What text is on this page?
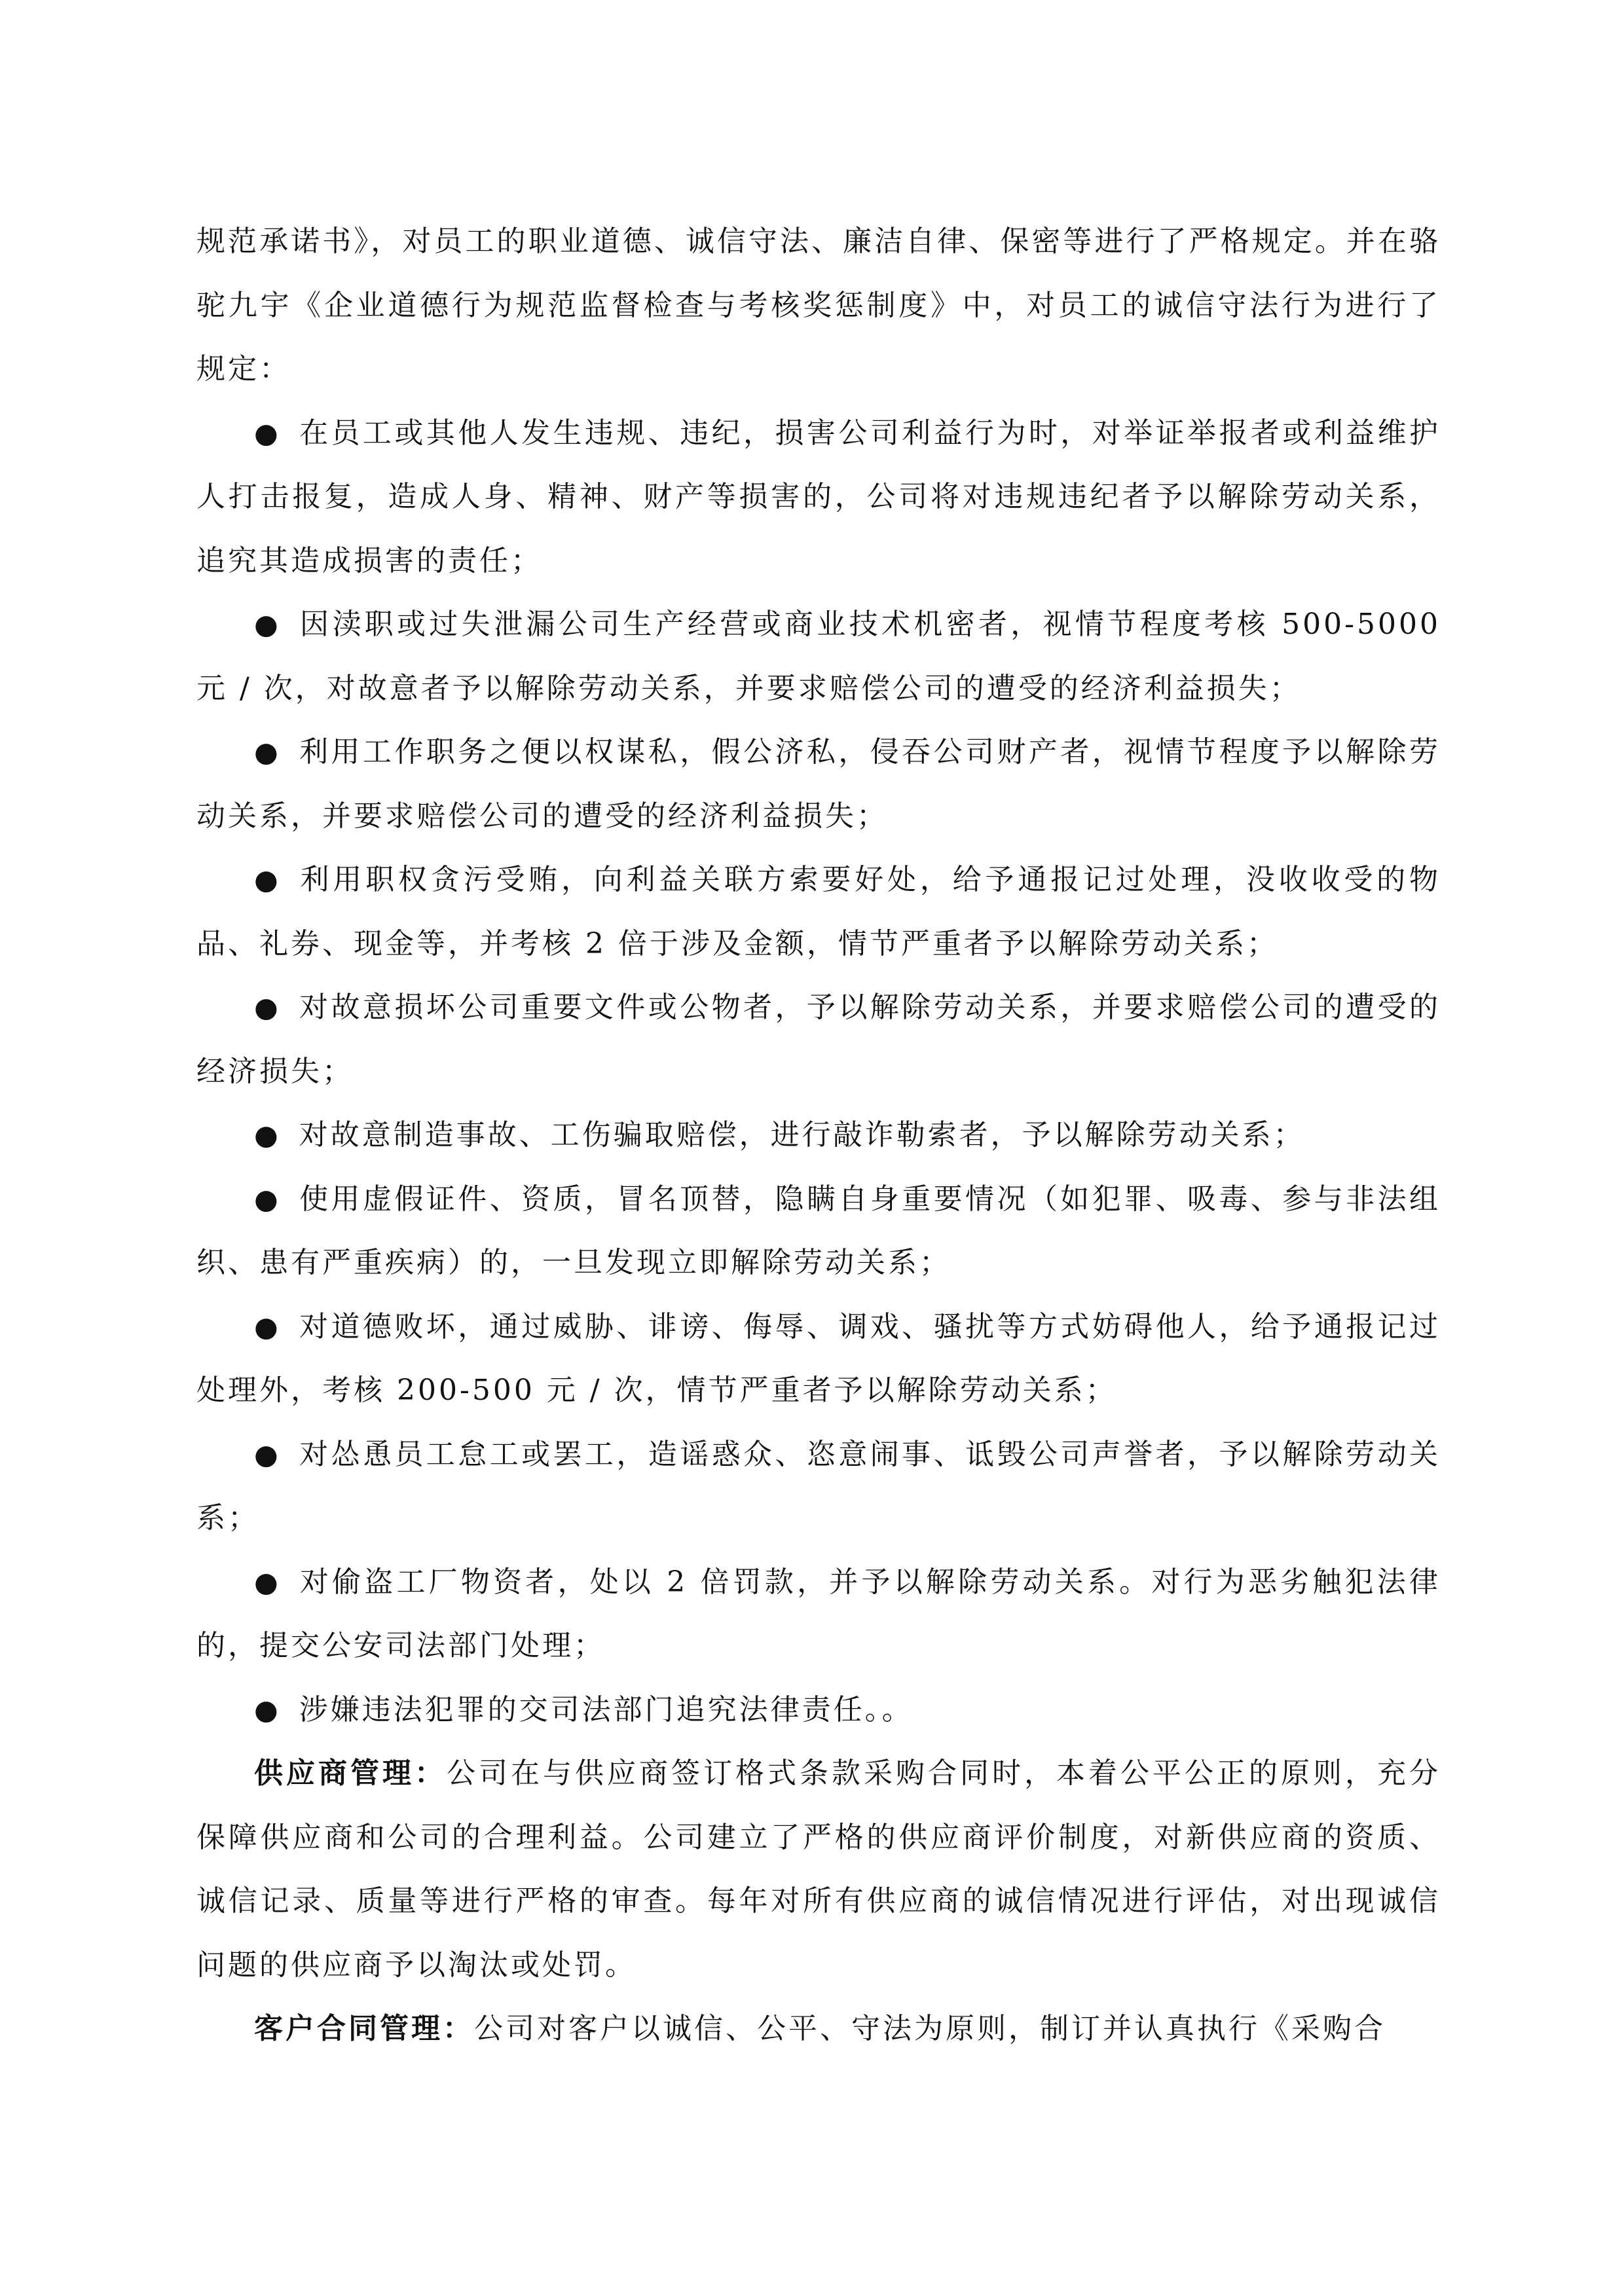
规范承诺书》，对员工的职业道德、诚信守法、廉洁自律、保密等进行了严格规定。并在骆驼九宇《企业道德行为规范监督检查与考核奖惩制度》中，对员工的诚信守法行为进行了规定：

● 在员工或其他人发生违规、违纪，损害公司利益行为时，对举证举报者或利益维护人打击报复，造成人身、精神、财产等损害的，公司将对违规违纪者予以解除劳动关系，追究其造成损害的责任；

● 因渎职或过失泄漏公司生产经营或商业技术机密者，视情节程度考核 500-5000 元 / 次，对故意者予以解除劳动关系，并要求赔偿公司的遭受的经济利益损失；

● 利用工作职务之便以权谋私，假公济私，侵吞公司财产者，视情节程度予以解除劳动关系，并要求赔偿公司的遭受的经济利益损失；

● 利用职权贪污受贿，向利益关联方索要好处，给予通报记过处理，没收收受的物品、礼券、现金等，并考核 2 倍于涉及金额，情节严重者予以解除劳动关系；

● 对故意损坏公司重要文件或公物者，予以解除劳动关系，并要求赔偿公司的遭受的经济损失；

● 对故意制造事故、工伤骗取赔偿，进行敲诈勒索者，予以解除劳动关系；

● 使用虚假证件、资质，冒名顶替，隐瞒自身重要情况（如犯罪、吸毒、参与非法组织、患有严重疾病）的，一旦发现立即解除劳动关系；

● 对道德败坏，通过威胁、诽谤、侮辱、调戏、骚扰等方式妨碍他人，给予通报记过处理外，考核 200-500 元 / 次，情节严重者予以解除劳动关系；

● 对怂恿员工怠工或罢工，造谣惑众、恣意闹事、诋毁公司声誉者，予以解除劳动关系；

● 对偷盗工厂物资者，处以 2 倍罚款，并予以解除劳动关系。对行为恶劣触犯法律的，提交公安司法部门处理；

● 涉嫌违法犯罪的交司法部门追究法律责任。。

供应商管理：公司在与供应商签订格式条款采购合同时，本着公平公正的原则，充分保障供应商和公司的合理利益。公司建立了严格的供应商评价制度，对新供应商的资质、诚信记录、质量等进行严格的审查。每年对所有供应商的诚信情况进行评估，对出现诚信问题的供应商予以淘汰或处罚。

客户合同管理：公司对客户以诚信、公平、守法为原则，制订并认真执行《采购合
